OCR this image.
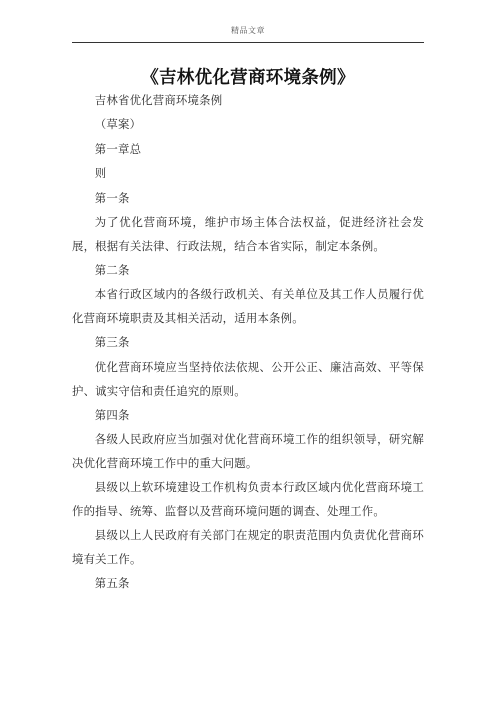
精品文章
《吉林优化营商环境条例》

吉林省优化营商环境条例

（草案）

第一章总

则

第一条

为了优化营商环境，维护市场主体合法权益，促进经济社会发展，根据有关法律、行政法规，结合本省实际，制定本条例。

第二条

本省行政区域内的各级行政机关、有关单位及其工作人员履行优化营商环境职责及其相关活动，适用本条例。

第三条

优化营商环境应当坚持依法依规、公开公正、廉洁高效、平等保护、诚实守信和责任追究的原则。

第四条

各级人民政府应当加强对优化营商环境工作的组织领导，研究解决优化营商环境工作中的重大问题。

县级以上软环境建设工作机构负责本行政区域内优化营商环境工作的指导、统筹、监督以及营商环境问题的调查、处理工作。

县级以上人民政府有关部门在规定的职责范围内负责优化营商环境有关工作。

第五条
